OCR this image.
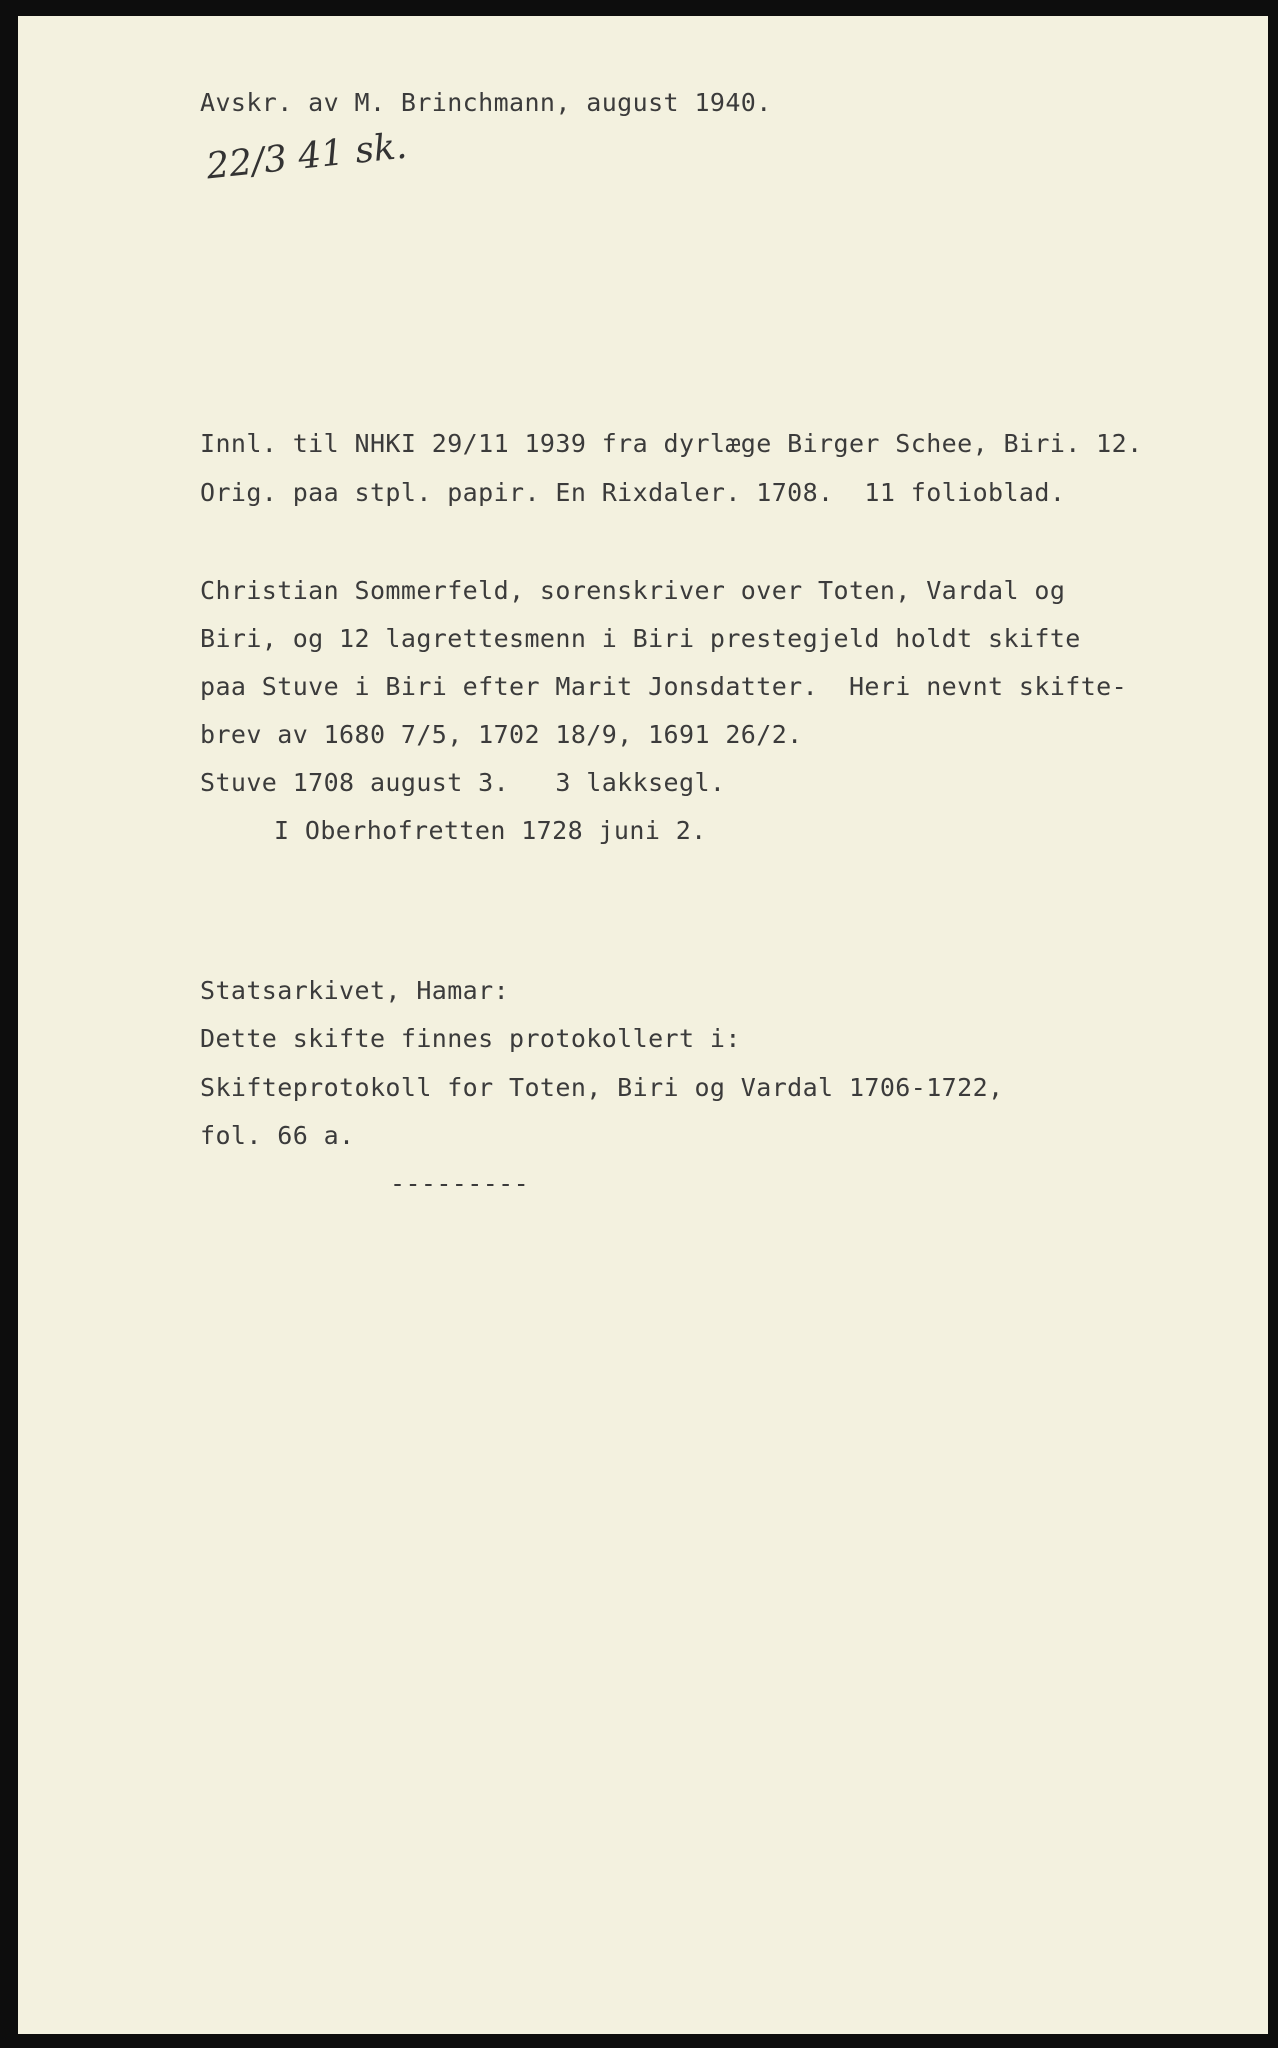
Avskr. av M. Brinchmann, august 1940.

22/3 41 sk.

Innl. til NHKI 29/11 1939 fra dyrlæge Birger Schee, Biri. 12.

Orig. paa stpl. papir. En Rixdaler. 1708.  11 folioblad.

Christian Sommerfeld, sorenskriver over Toten, Vardal og

Biri, og 12 lagrettesmenn i Biri prestegjeld holdt skifte

paa Stuve i Biri efter Marit Jonsdatter.  Heri nevnt skifte-

brev av 1680 7/5, 1702 18/9, 1691 26/2.

Stuve 1708 august 3.   3 lakksegl.

I Oberhofretten 1728 juni 2.

Statsarkivet, Hamar:

Dette skifte finnes protokollert i:

Skifteprotokoll for Toten, Biri og Vardal 1706-1722,

fol. 66 a.

---------
